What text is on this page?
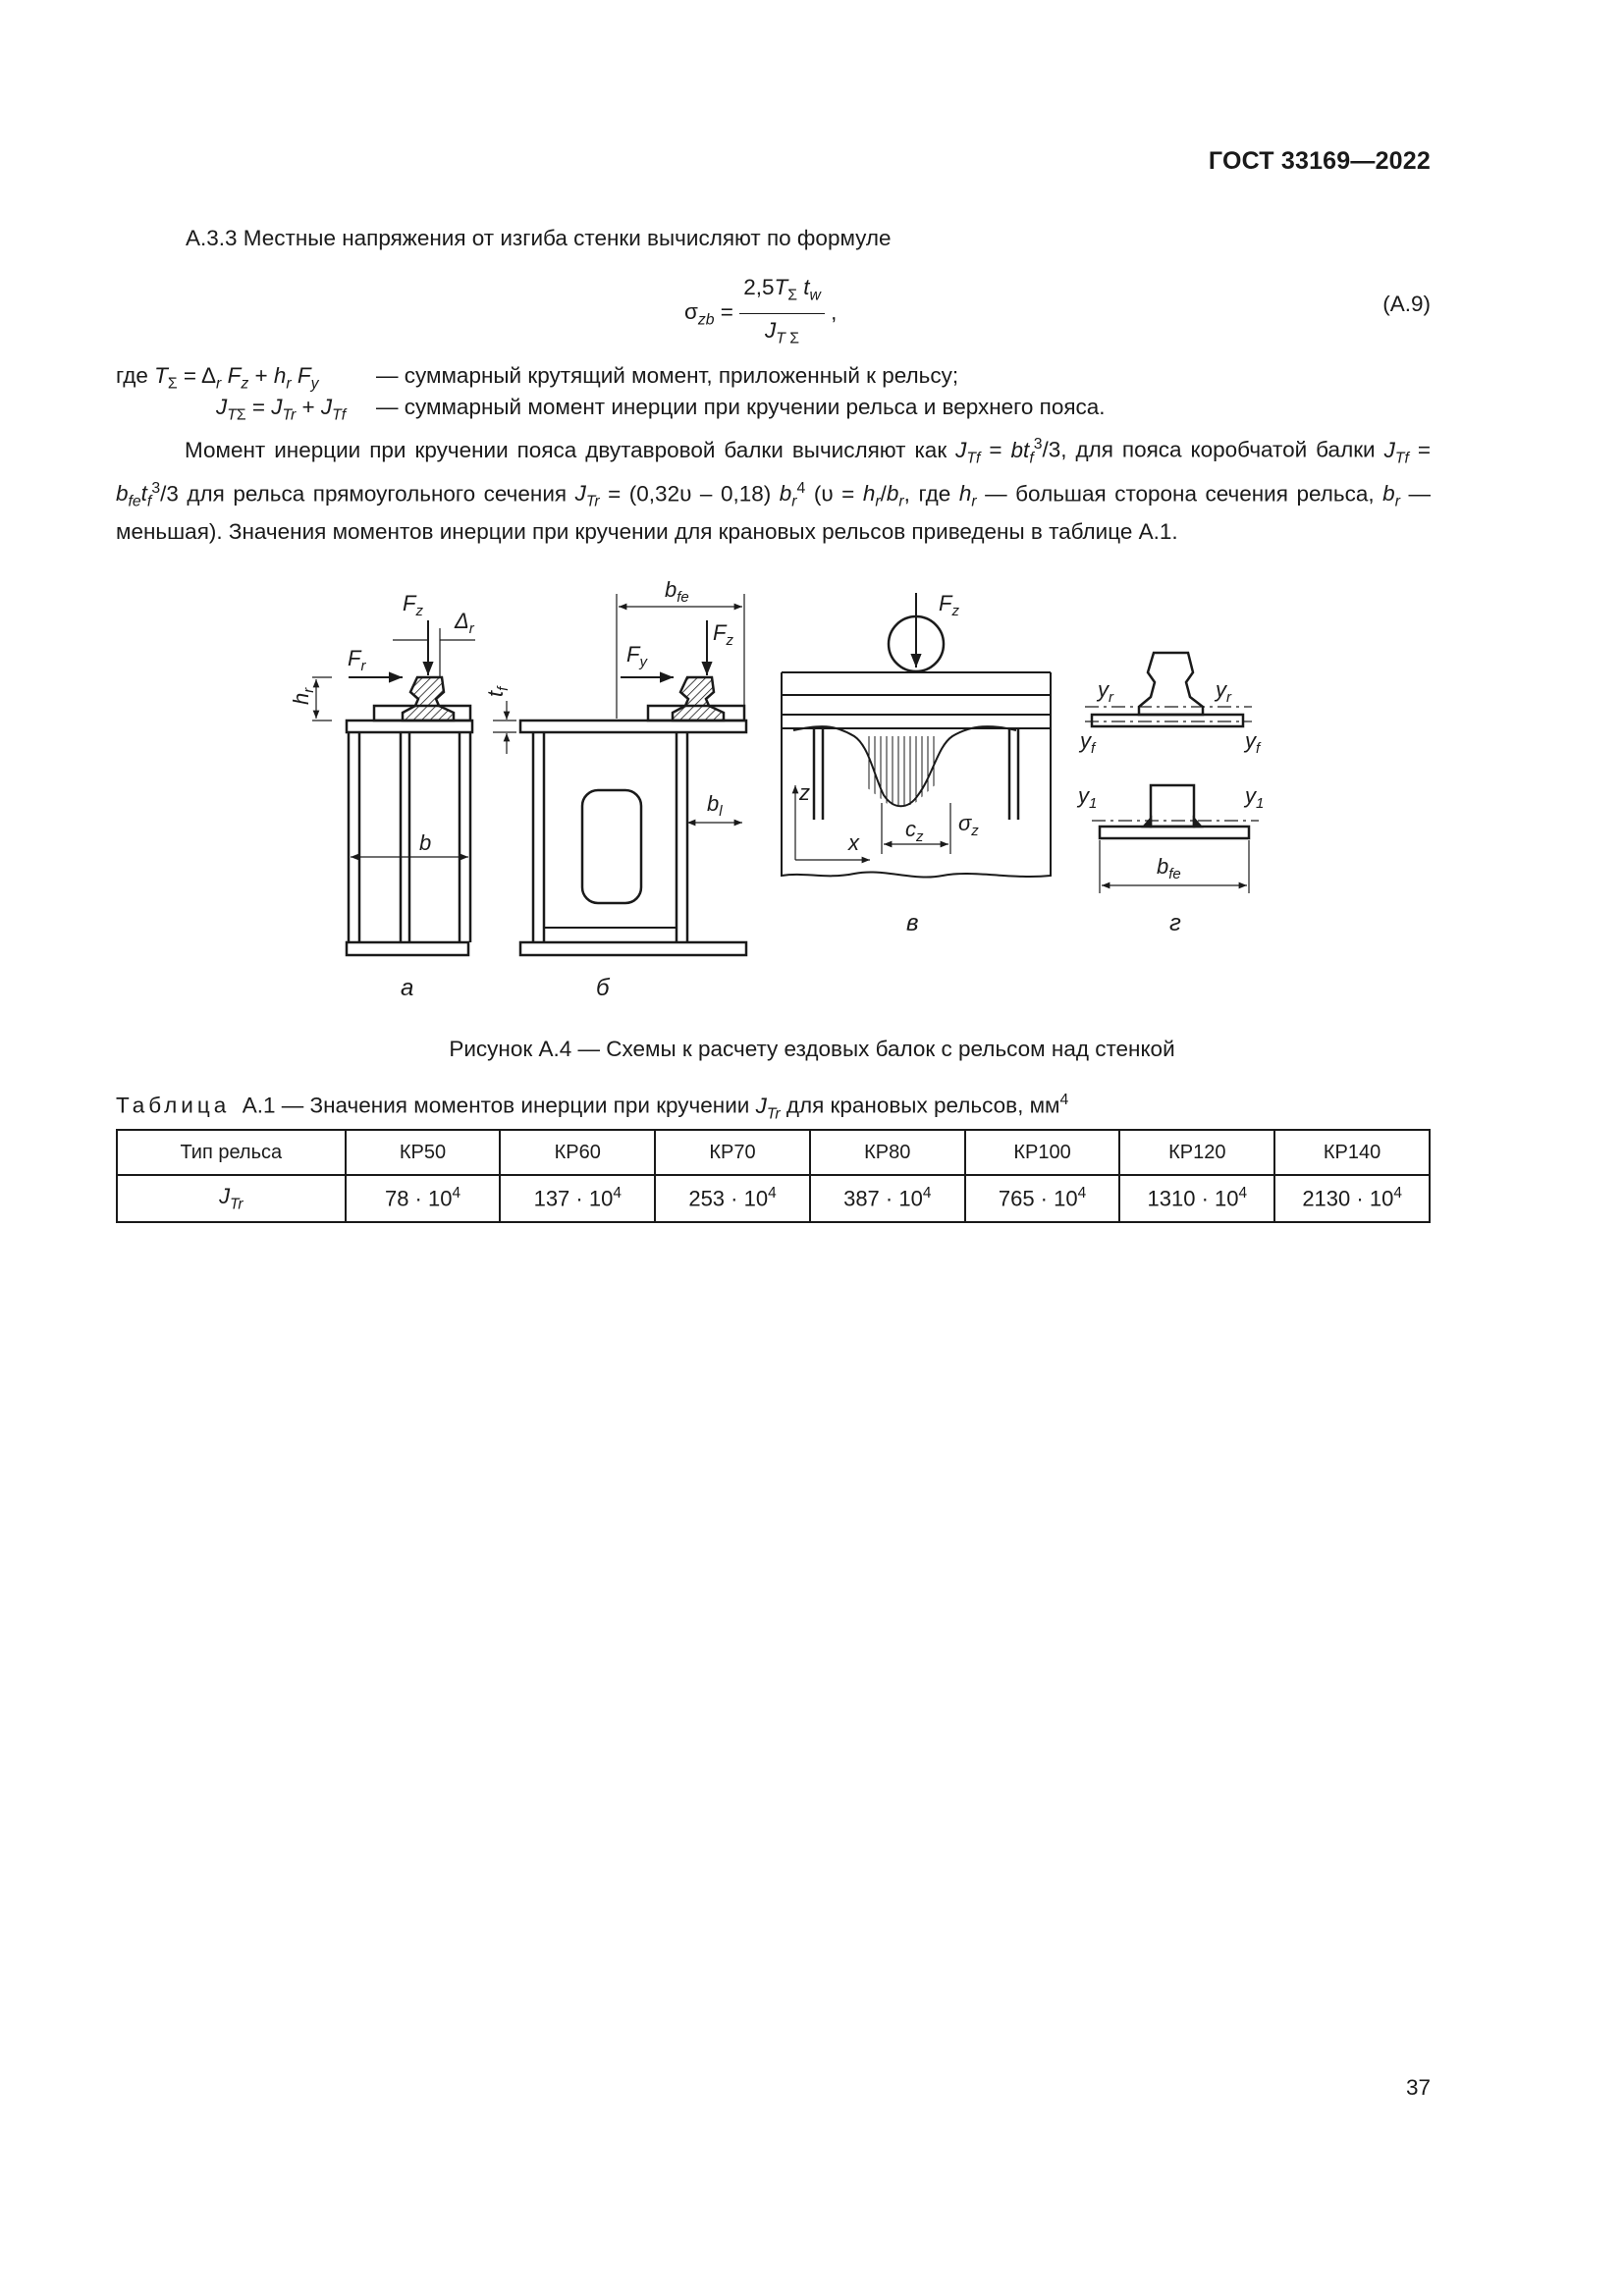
ГОСТ 33169—2022
А.3.3 Местные напряжения от изгиба стенки вычисляют по формуле
$\sigma_{zb} = \frac{2,5T_\Sigma t_w}{J_{T \Sigma}}$ ,	(А.9)
где $T_\Sigma = \Delta_r$ $F_z + h_r$ $F_y$	— суммарный крутящий момент, приложенный к рельсу;
$J_{T\Sigma} = J_{Tr} + J_{Tf}$ — суммарный момент инерции при кручении рельса и верхнего пояса.
Момент инерции при кручении пояса двутавровой балки вычисляют как $J_{Tf} = bt_f^3/3$, для пояса коробчатой балки $J_{Tf} = b_{fe}t_f^3/3$ для рельса прямоугольного сечения $J_{Tr} = (0,32\upsilon - 0,18)$ $b_r^4$ ($\upsilon = h_r/b_r$, где $h_r$ — большая сторона сечения рельса, $b_r$ — меньшая). Значения моментов инерции при кручении для крановых рельсов приведены в таблице А.1.
$F_z$ $\Delta_r$
$F_r$
$h_r$
$t_f$
b
$b_{fe}$
$F_z$
$F_y$
$b_l$
$F_z$
z
x
$c_z$
$\sigma_z$
$y_r$	$y_r$
$y_f$	$y_f$
$y_1$	$y_1$
$b_{fe}$
а	б
в	г
Рисунок А.4 — Схемы к расчету ездовых балок с рельсом над стенкой
Таблица А.1 — Значения моментов инерции при кручении $J_{Tr}$ для крановых рельсов, $мм^4$
Тип рельса	КР50	КР60	КР70	КР80	КР100	КР120	КР140
$J_{Tr}$	$78 \cdot 10^4$	$137 \cdot 10^4$	$253 \cdot 10^4$	$387 \cdot 10^4$	$765 \cdot 10^4$	$1310 \cdot 10^4$	$2130 \cdot 10^4$
37
